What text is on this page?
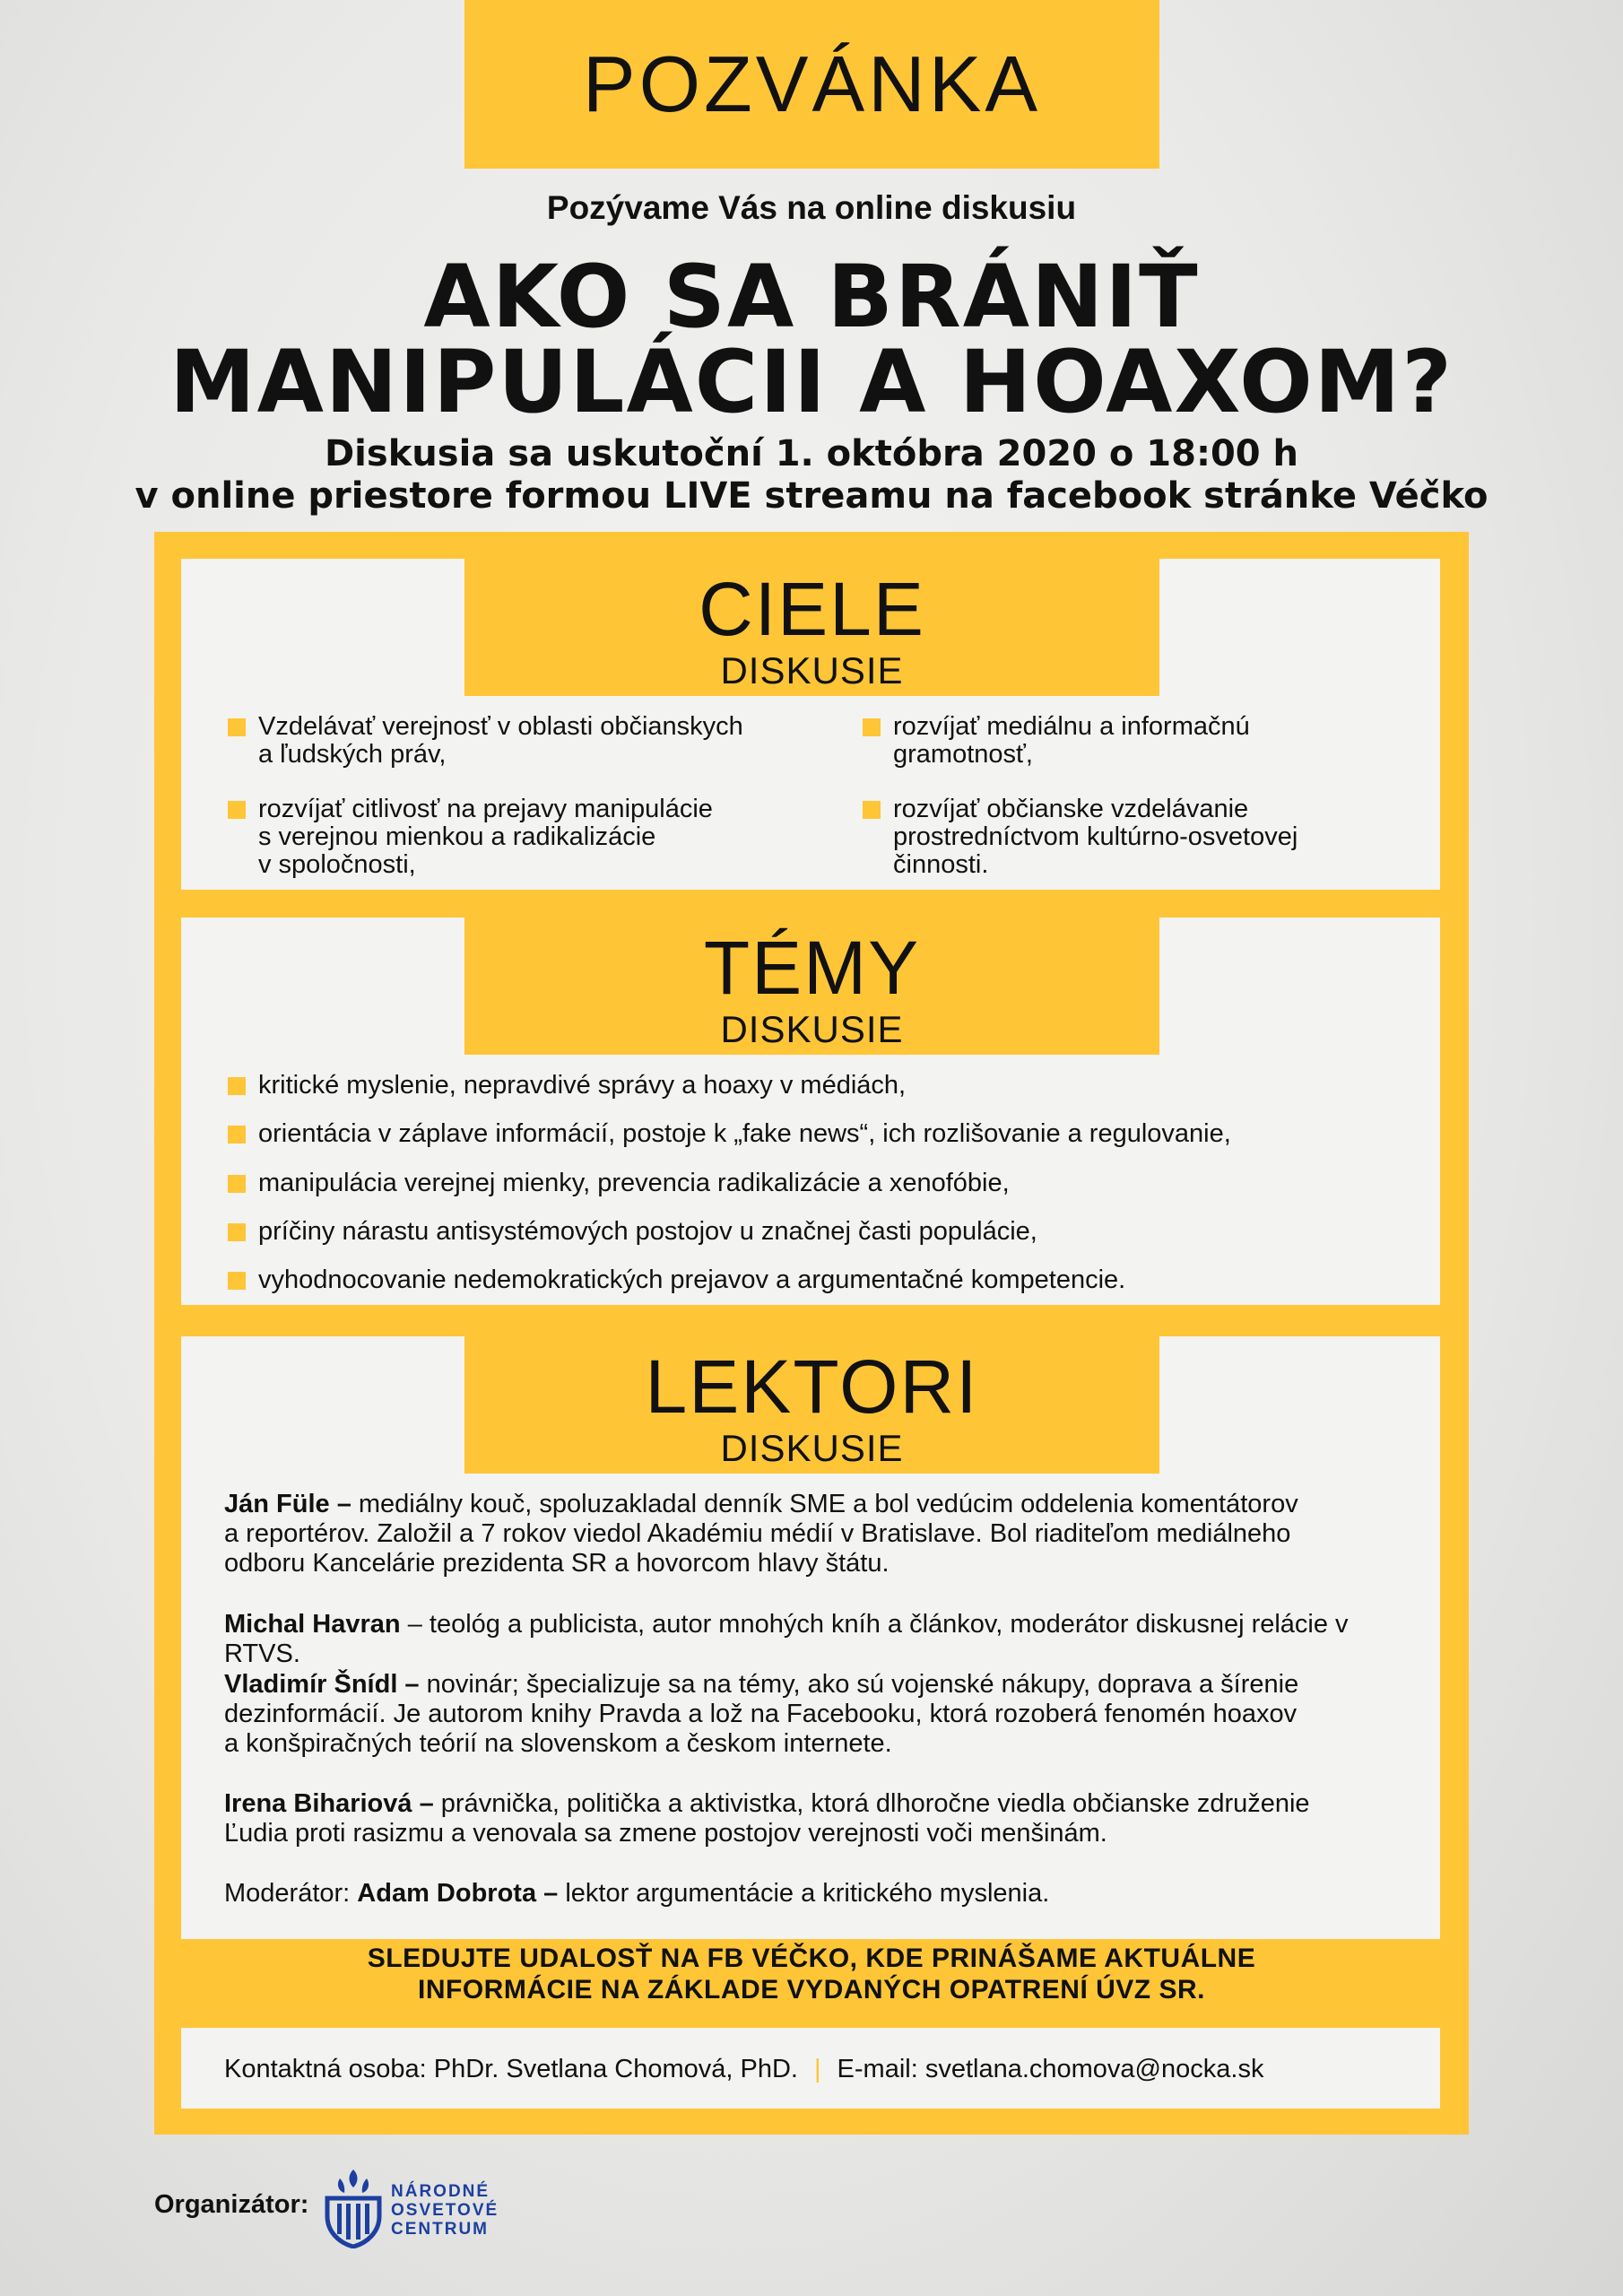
POZVÁNKA
Pozývame Vás na online diskusiu
AKO SA BRÁNIŤ
MANIPULÁCII A HOAXOM?
Diskusia sa uskutoční 1. októbra 2020 o 18:00 h
v online priestore formou LIVE streamu na facebook stránke Véčko
CIELE
DISKUSIE
Vzdelávať verejnosť v oblasti občianskych
a ľudských práv,
rozvíjať mediálnu a informačnú
gramotnosť,
rozvíjať citlivosť na prejavy manipulácie
s verejnou mienkou a radikalizácie
v spoločnosti,
rozvíjať občianske vzdelávanie
prostredníctvom kultúrno-osvetovej
činnosti.
TÉMY
DISKUSIE
kritické myslenie, nepravdivé správy a hoaxy v médiách,
orientácia v záplave informácií, postoje k „fake news“, ich rozlišovanie a regulovanie,
manipulácia verejnej mienky, prevencia radikalizácie a xenofóbie,
príčiny nárastu antisystémových postojov u značnej časti populácie,
vyhodnocovanie nedemokratických prejavov a argumentačné kompetencie.
LEKTORI
DISKUSIE
Ján Füle – mediálny kouč, spoluzakladal denník SME a bol vedúcim oddelenia komentátorov
a reportérov. Založil a 7 rokov viedol Akadémiu médií v Bratislave. Bol riaditeľom mediálneho
odboru Kancelárie prezidenta SR a hovorcom hlavy štátu.
Michal Havran – teológ a publicista, autor mnohých kníh a článkov, moderátor diskusnej relácie v RTVS.
Vladimír Šnídl – novinár; špecializuje sa na témy, ako sú vojenské nákupy, doprava a šírenie
dezinformácií. Je autorom knihy Pravda a lož na Facebooku, ktorá rozoberá fenomén hoaxov
a konšpiračných teórií na slovenskom a českom internete.
Irena Bihariová – právnička, politička a aktivistka, ktorá dlhoročne viedla občianske združenie
Ľudia proti rasizmu a venovala sa zmene postojov verejnosti voči menšinám.
Moderátor: Adam Dobrota – lektor argumentácie a kritického myslenia.
SLEDUJTE UDALOSŤ NA FB VÉČKO, KDE PRINÁŠAME AKTUÁLNE
INFORMÁCIE NA ZÁKLADE VYDANÝCH OPATRENÍ ÚVZ SR.
Kontaktná osoba: PhDr. Svetlana Chomová, PhD. | E-mail: svetlana.chomova@nocka.sk
Organizátor:	NÁRODNÉ
OSVETOVÉ
CENTRUM
